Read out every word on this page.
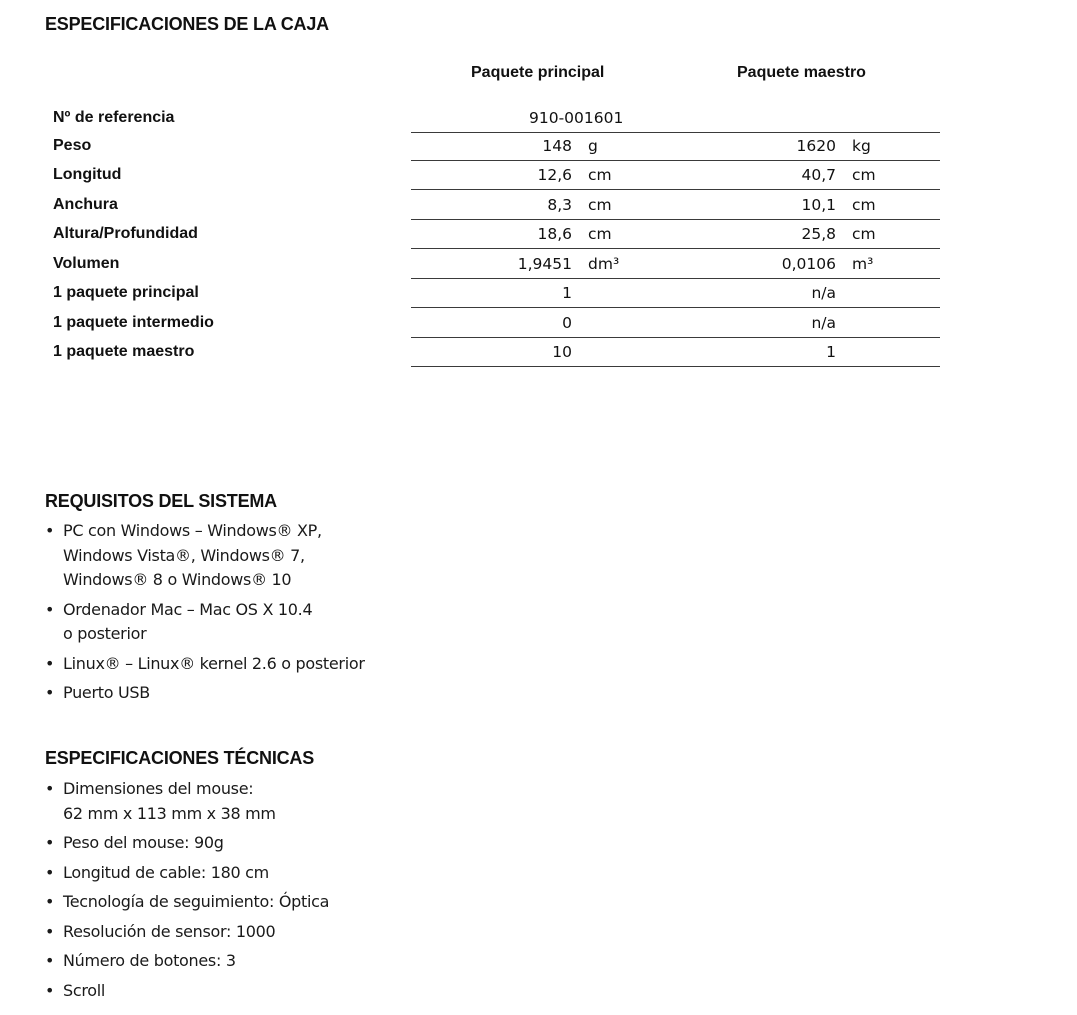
ESPECIFICACIONES DE LA CAJA
Paquete principal	Paquete maestro
Nº de referencia	910-001601
Peso	148 g	1620 kg
Longitud	12,6 cm	40,7 cm
Anchura	8,3 cm	10,1 cm
Altura/Profundidad	18,6 cm	25,8 cm
Volumen	1,9451 dm³	0,0106 m³
1 paquete principal	1	n/a
1 paquete intermedio	0	n/a
1 paquete maestro	10	1
REQUISITOS DEL SISTEMA
• PC con Windows – Windows® XP,
Windows Vista®, Windows® 7,
Windows® 8 o Windows® 10
• Ordenador Mac – Mac OS X 10.4
o posterior
• Linux® – Linux® kernel 2.6 o posterior
• Puerto USB
ESPECIFICACIONES TÉCNICAS
• Dimensiones del mouse:
62 mm x 113 mm x 38 mm
• Peso del mouse: 90g
• Longitud de cable: 180 cm
• Tecnología de seguimiento: Óptica
• Resolución de sensor: 1000
• Número de botones: 3
• Scroll
